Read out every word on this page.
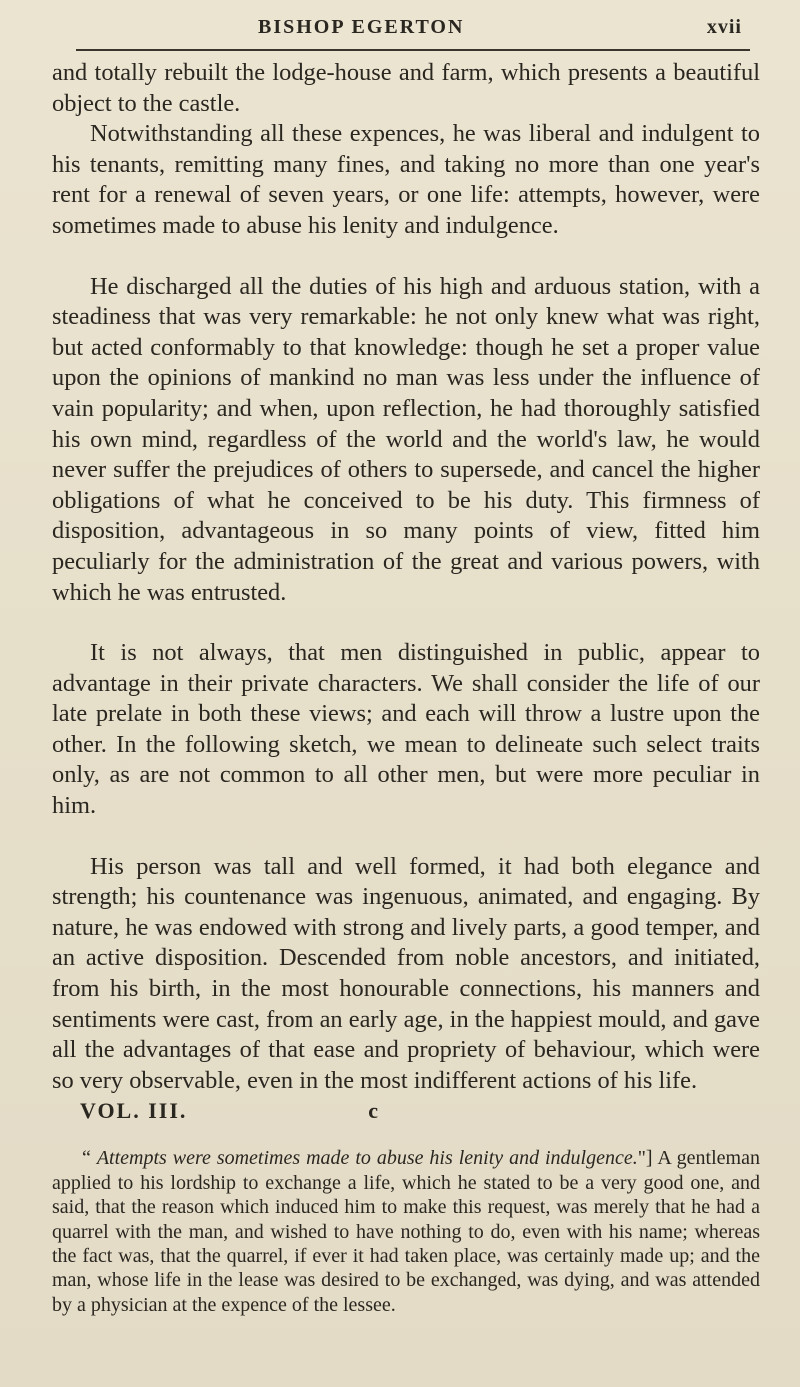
BISHOP EGERTON	xvii

and totally rebuilt the lodge-house and farm, which presents a beautiful object to the castle.

Notwithstanding all these expences, he was liberal and indulgent to his tenants, remitting many fines, and taking no more than one year's rent for a renewal of seven years, or one life: attempts, however, were sometimes made to abuse his lenity and indulgence.

He discharged all the duties of his high and arduous station, with a steadiness that was very remarkable: he not only knew what was right, but acted conformably to that knowledge: though he set a proper value upon the opinions of mankind no man was less under the influence of vain popularity; and when, upon reflection, he had thoroughly satisfied his own mind, regardless of the world and the world's law, he would never suffer the prejudices of others to supersede, and cancel the higher obligations of what he conceived to be his duty. This firmness of disposition, advantageous in so many points of view, fitted him peculiarly for the administration of the great and various powers, with which he was entrusted.

It is not always, that men distinguished in public, appear to advantage in their private characters. We shall consider the life of our late prelate in both these views; and each will throw a lustre upon the other. In the following sketch, we mean to delineate such select traits only, as are not common to all other men, but were more peculiar in him.

His person was tall and well formed, it had both elegance and strength; his countenance was ingenuous, animated, and engaging. By nature, he was endowed with strong and lively parts, a good temper, and an active disposition. Descended from noble ancestors, and initiated, from his birth, in the most honourable connections, his manners and sentiments were cast, from an early age, in the happiest mould, and gave all the advantages of that ease and propriety of behaviour, which were so very observable, even in the most indifferent actions of his life.

VOL. III.	c

“ Attempts were sometimes made to abuse his lenity and indulgence."] A gentleman applied to his lordship to exchange a life, which he stated to be a very good one, and said, that the reason which induced him to make this request, was merely that he had a quarrel with the man, and wished to have nothing to do, even with his name; whereas the fact was, that the quarrel, if ever it had taken place, was certainly made up; and the man, whose life in the lease was desired to be exchanged, was dying, and was attended by a physician at the expence of the lessee.
